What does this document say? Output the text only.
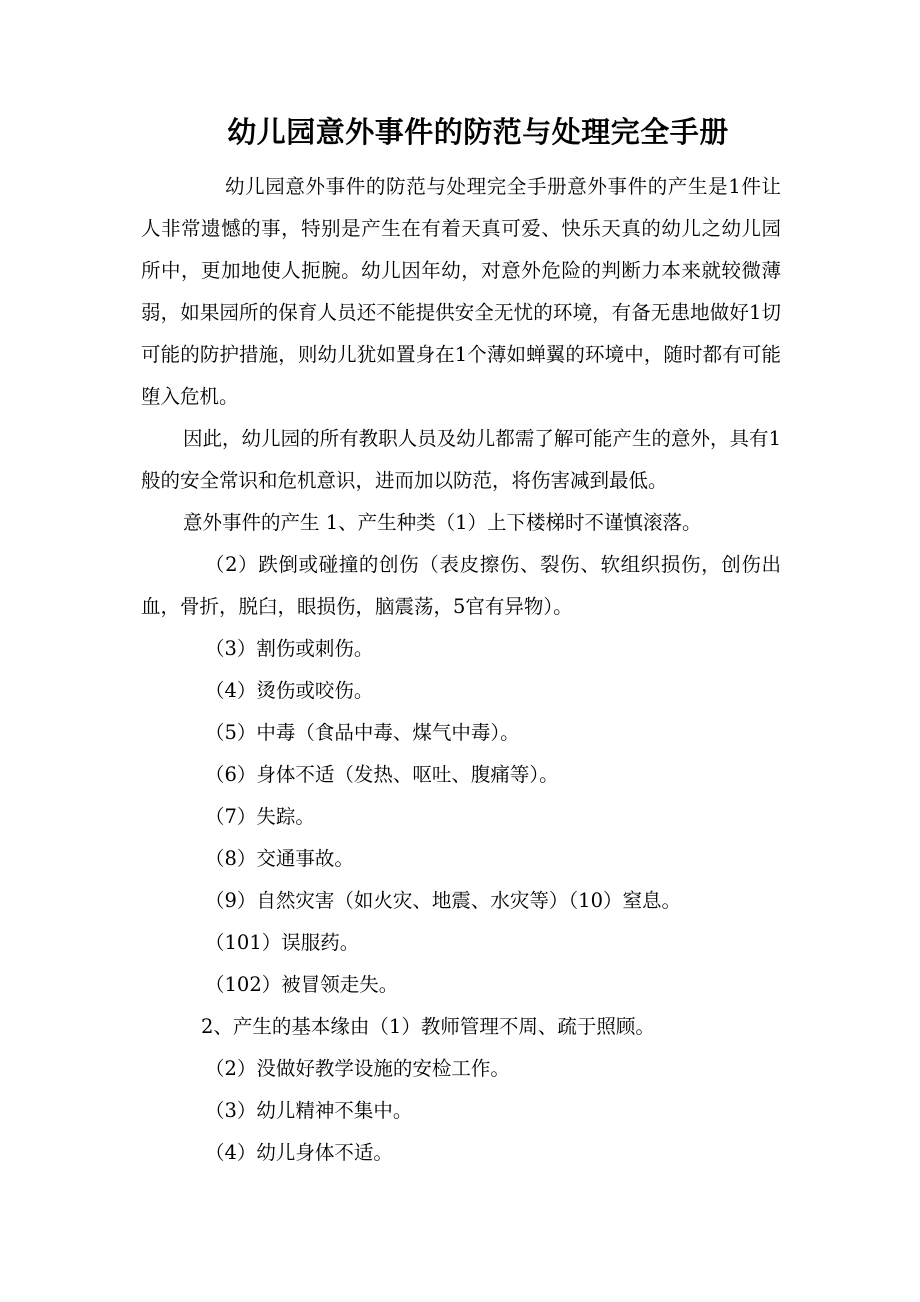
幼儿园意外事件的防范与处理完全手册

幼儿园意外事件的防范与处理完全手册意外事件的产生是1件让人非常遗憾的事，特别是产生在有着天真可爱、快乐天真的幼儿之幼儿园所中，更加地使人扼腕。幼儿因年幼，对意外危险的判断力本来就较微薄弱，如果园所的保育人员还不能提供安全无忧的环境，有备无患地做好1切可能的防护措施，则幼儿犹如置身在1个薄如蝉翼的环境中，随时都有可能堕入危机。

因此，幼儿园的所有教职人员及幼儿都需了解可能产生的意外，具有1般的安全常识和危机意识，进而加以防范，将伤害减到最低。

意外事件的产生 1、产生种类（1）上下楼梯时不谨慎滚落。

（2）跌倒或碰撞的创伤（表皮擦伤、裂伤、软组织损伤，创伤出血，骨折，脱臼，眼损伤，脑震荡，5官有异物）。

（3）割伤或刺伤。

（4）烫伤或咬伤。

（5）中毒（食品中毒、煤气中毒）。

（6）身体不适（发热、呕吐、腹痛等）。

（7）失踪。

（8）交通事故。

（9）自然灾害（如火灾、地震、水灾等）（10）窒息。

（101）误服药。

（102）被冒领走失。

2、产生的基本缘由（1）教师管理不周、疏于照顾。

（2）没做好教学设施的安检工作。

（3）幼儿精神不集中。

（4）幼儿身体不适。
